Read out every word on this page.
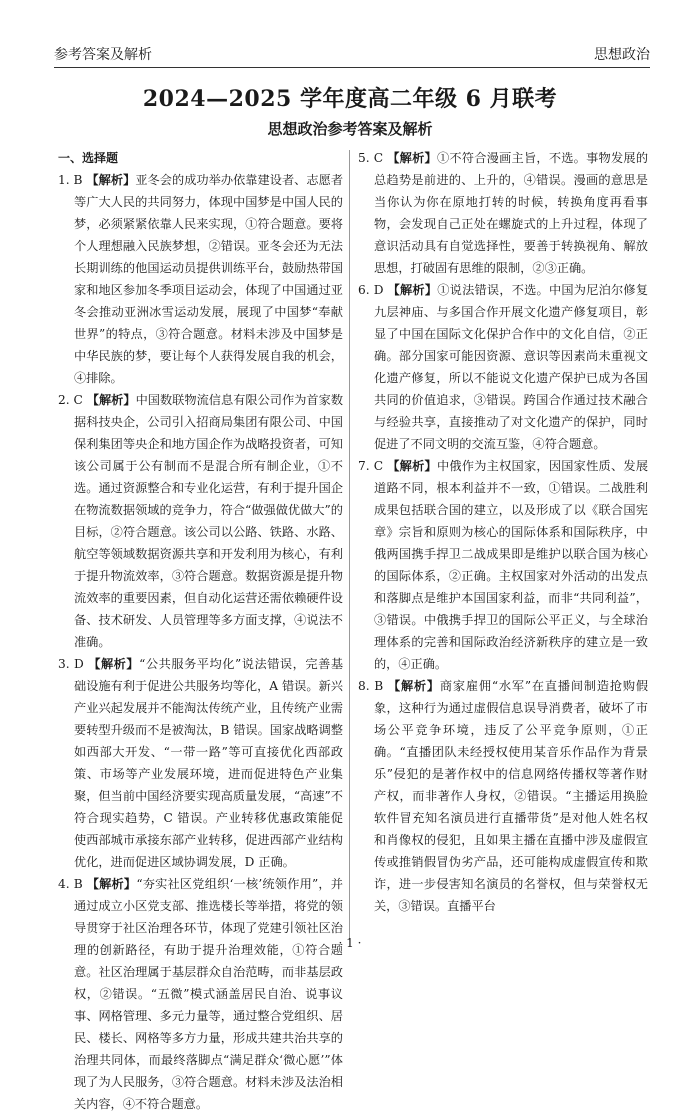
参考答案及解析	思想政治
2024—2025 学年度高二年级 6 月联考
思想政治参考答案及解析
一、选择题

1. B 【解析】亚冬会的成功举办依靠建设者、志愿者等广大人民的共同努力，体现中国梦是中国人民的梦，必须紧紧依靠人民来实现，①符合题意。要将个人理想融入民族梦想，②错误。亚冬会还为无法长期训练的他国运动员提供训练平台，鼓励热带国家和地区参加冬季项目运动会，体现了中国通过亚冬会推动亚洲冰雪运动发展，展现了中国梦“奉献世界”的特点，③符合题意。材料未涉及中国梦是中华民族的梦，要让每个人获得发展自我的机会，④排除。

2. C 【解析】中国数联物流信息有限公司作为首家数据科技央企，公司引入招商局集团有限公司、中国保利集团等央企和地方国企作为战略投资者，可知该公司属于公有制而不是混合所有制企业，①不选。通过资源整合和专业化运营，有利于提升国企在物流数据领域的竞争力，符合“做强做优做大”的目标，②符合题意。该公司以公路、铁路、水路、航空等领域数据资源共享和开发利用为核心，有利于提升物流效率，③符合题意。数据资源是提升物流效率的重要因素，但自动化运营还需依赖硬件设备、技术研发、人员管理等多方面支撑，④说法不准确。

3. D 【解析】“公共服务平均化”说法错误，完善基础设施有利于促进公共服务均等化，A 错误。新兴产业兴起发展并不能淘汰传统产业，且传统产业需要转型升级而不是被淘汰，B 错误。国家战略调整如西部大开发、“一带一路”等可直接优化西部政策、市场等产业发展环境，进而促进特色产业集聚，但当前中国经济要实现高质量发展，“高速”不符合现实趋势，C 错误。产业转移优惠政策能促使西部城市承接东部产业转移，促进西部产业结构优化，进而促进区域协调发展，D 正确。

4. B 【解析】“夯实社区党组织‘一核’统领作用”，并通过成立小区党支部、推选楼长等举措，将党的领导贯穿于社区治理各环节，体现了党建引领社区治理的创新路径，有助于提升治理效能，①符合题意。社区治理属于基层群众自治范畴，而非基层政权，②错误。“五微”模式涵盖居民自治、说事议事、网格管理、多元力量等，通过整合党组织、居民、楼长、网格等多方力量，形成共建共治共享的治理共同体，而最终落脚点“满足群众‘微心愿’”体现了为人民服务，③符合题意。材料未涉及法治相关内容，④不符合题意。

5. C 【解析】①不符合漫画主旨，不选。事物发展的总趋势是前进的、上升的，④错误。漫画的意思是当你认为你在原地打转的时候，转换角度再看事物，会发现自己正处在螺旋式的上升过程，体现了意识活动具有自觉选择性，要善于转换视角、解放思想，打破固有思维的限制，②③正确。

6. D 【解析】①说法错误，不选。中国为尼泊尔修复九层神庙、与多国合作开展文化遗产修复项目，彰显了中国在国际文化保护合作中的文化自信，②正确。部分国家可能因资源、意识等因素尚未重视文化遗产修复，所以不能说文化遗产保护已成为各国共同的价值追求，③错误。跨国合作通过技术融合与经验共享，直接推动了对文化遗产的保护，同时促进了不同文明的交流互鉴，④符合题意。

7. C 【解析】中俄作为主权国家，因国家性质、发展道路不同，根本利益并不一致，①错误。二战胜利成果包括联合国的建立，以及形成了以《联合国宪章》宗旨和原则为核心的国际体系和国际秩序，中俄两国携手捍卫二战成果即是维护以联合国为核心的国际体系，②正确。主权国家对外活动的出发点和落脚点是维护本国国家利益，而非“共同利益”，③错误。中俄携手捍卫的国际公平正义，与全球治理体系的完善和国际政治经济新秩序的建立是一致的，④正确。

8. B 【解析】商家雇佣“水军”在直播间制造抢购假象，这种行为通过虚假信息误导消费者，破坏了市场公平竞争环境，违反了公平竞争原则，①正确。“直播团队未经授权使用某音乐作品作为背景乐”侵犯的是著作权中的信息网络传播权等著作财产权，而非著作人身权，②错误。“主播运用换脸软件冒充知名演员进行直播带货”是对他人姓名权和肖像权的侵犯，且如果主播在直播中涉及虚假宣传或推销假冒伪劣产品，还可能构成虚假宣传和欺诈，进一步侵害知名演员的名誉权，但与荣誉权无关，③错误。直播平台

· 1 ·
